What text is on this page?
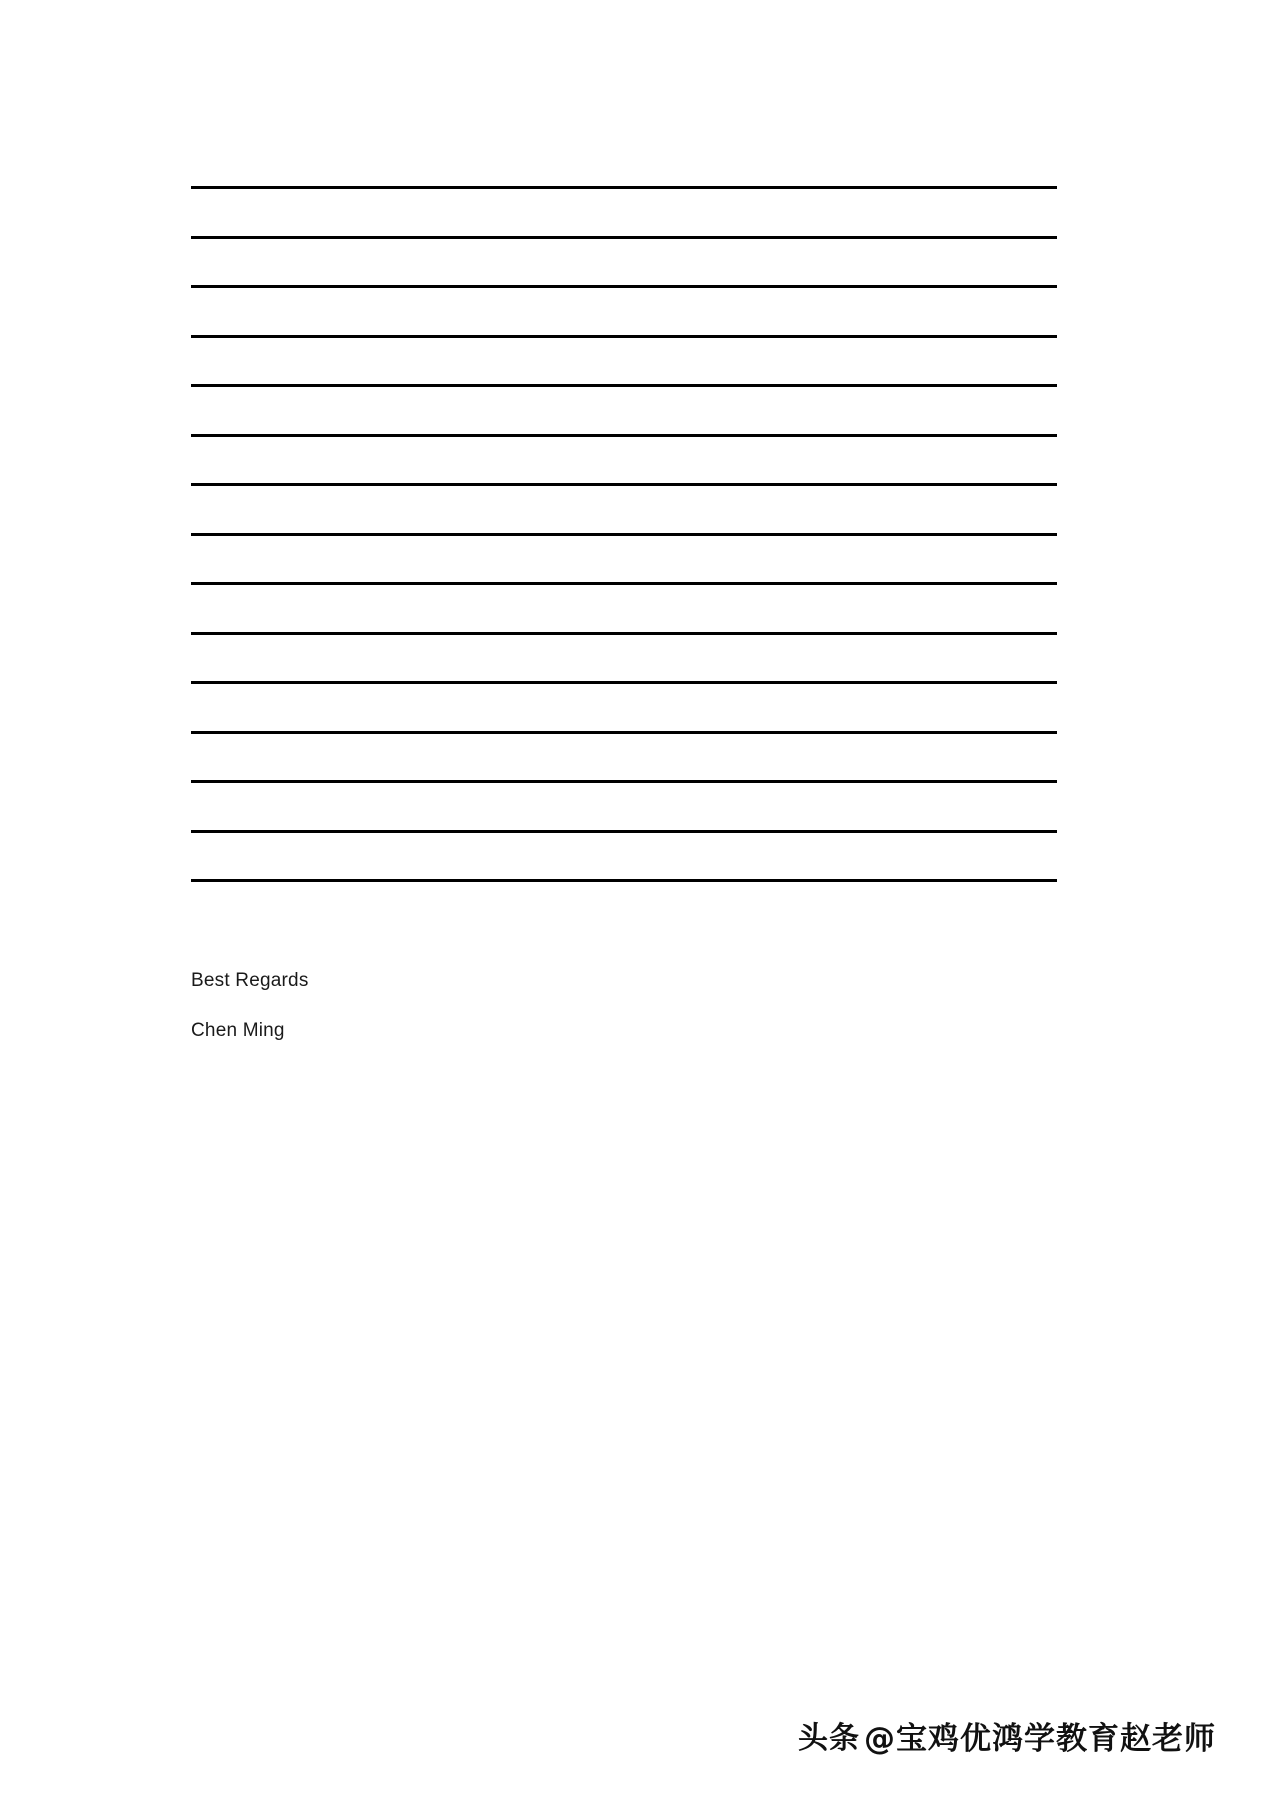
Best Regards
Chen Ming
头条 @宝鸡优鸿学教育赵老师
